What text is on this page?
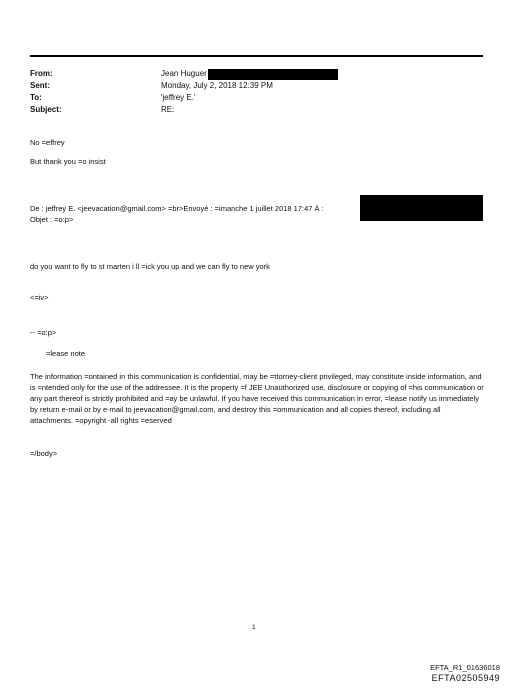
From:	Jean Huguer
Sent:	Monday, July 2, 2018 12:39 PM
To:	'jeffrey E.'
Subject:	RE:
No =effrey
But thank you =o insist
De : jeffrey E. <jeevacation@gmail.com> =br>Envoyé : =imanche 1 juillet 2018 17:47 À :
Objet : =o:p>
do you want to fly to st marten i ll =ick you up and we can fly to new york
<=iv>
-- =o:p>
=lease note
The information =ontained in this communication is confidential, may be =ttorney-client privileged, may constitute inside information, and is =ntended only for the use of the addressee. It is the property =f JEE Unauthorized use, disclosure or copying of =his communication or any part thereof is strictly prohibited and =ay be unlawful. If you have received this communication in error, =lease notify us immediately by return e-mail or by e-mail to jeevacation@gmail.com, and destroy this =ommunication and all copies thereof, including all attachments. =opyright -all rights =eserved
=/body>
1
EFTA_R1_01636018
EFTA02505949
